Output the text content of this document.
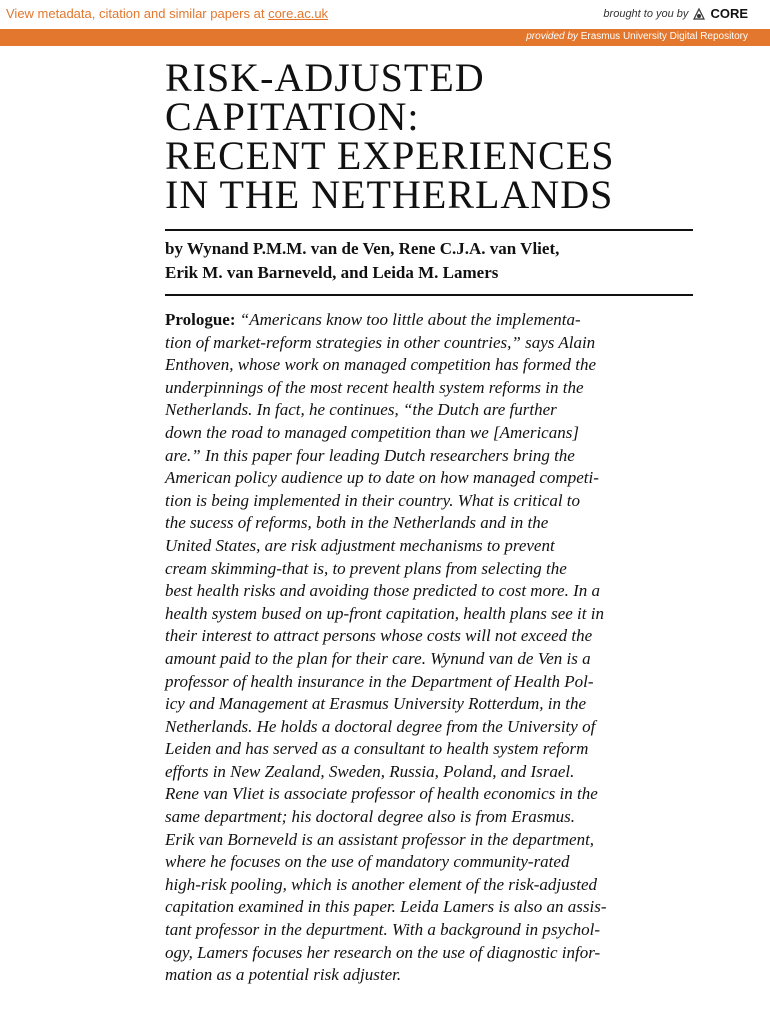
View metadata, citation and similar papers at core.ac.uk	brought to you by CORE
provided by Erasmus University Digital Repository
RISK-ADJUSTED
CAPITATION:
RECENT EXPERIENCES
IN THE NETHERLANDS
by Wynand P.M.M. van de Ven, Rene C.J.A. van Vliet,
Erik M. van Barneveld, and Leida M. Lamers
Prologue: “Americans know too little about the implementa-
tion of market-reform strategies in other countries,” says Alain
Enthoven, whose work on managed competition has formed the
underpinnings of the most recent health system reforms in the
Netherlands. In fact, he continues, “the Dutch are further
down the road to managed competition than we [Americans]
are.” In this paper four leading Dutch researchers bring the
American policy audience up to date on how managed competi-
tion is being implemented in their country. What is critical to
the sucess of reforms, both in the Netherlands and in the
United States, are risk adjustment mechanisms to prevent
cream skimming-that is, to prevent plans from selecting the
best health risks and avoiding those predicted to cost more. In a
health system bused on up-front capitation, health plans see it in
their interest to attract persons whose costs will not exceed the
amount paid to the plan for their care. Wynund van de Ven is a
professor of health insurance in the Department of Health Pol-
icy and Management at Erasmus University Rotterdum, in the
Netherlands. He holds a doctoral degree from the University of
Leiden and has served as a consultant to health system reform
efforts in New Zealand, Sweden, Russia, Poland, and Israel.
Rene van Vliet is associate professor of health economics in the
same department; his doctoral degree also is from Erasmus.
Erik van Borneveld is an assistant professor in the department,
where he focuses on the use of mandatory community-rated
high-risk pooling, which is another element of the risk-adjusted
capitation examined in this paper. Leida Lamers is also an assis-
tant professor in the depurtment. With a background in psychol-
ogy, Lamers focuses her research on the use of diagnostic infor-
mation as a potential risk adjuster.
